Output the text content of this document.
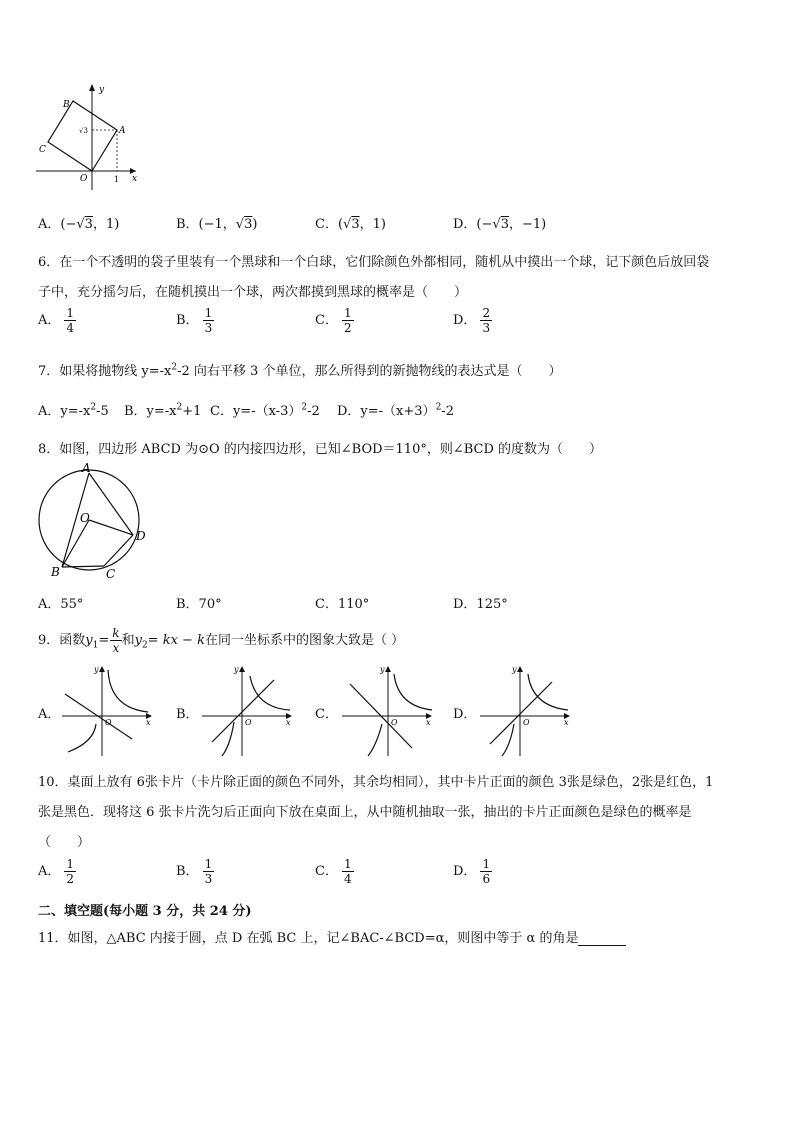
y
x
A
B
C
O	1
√3
A．(−√3，1)	B．(−1，√3)	C．(√3，1)	D．(−√3，−1)
6．在一个不透明的袋子里装有一个黑球和一个白球，它们除颜色外都相同，随机从中摸出一个球，记下颜色后放回袋
子中，充分摇匀后，在随机摸出一个球，两次都摸到黑球的概率是（　　）
A． $\frac{1}{4}$	B． $\frac{1}{3}$	C． $\frac{1}{2}$	D． $\frac{2}{3}$
7．如果将抛物线 $y=-x^2-2$ 向右平移 3 个单位，那么所得到的新抛物线的表达式是（　　）
A．$y=-x^2-5$ B．$y=-x^2+1$ C．$y=-(x-3)^2-2$ D．$y=-(x+3)^2-2$
8．如图，四边形 ABCD 为⊙O 的内接四边形，已知∠BOD＝110°，则∠BCD 的度数为（　　）
A
O
D
B	C
A．55°	B．70°	C．110°	D．125°
9．函数$y_1= \frac{k}{x}$ 和$y_2=$ kx − k在同一坐标系中的图象大致是（ ）
A．	B．	C．	D．
y
x
O
y
x
O
y
x
O
y
x
O
10．桌面上放有 6张卡片（卡片除正面的颜色不同外，其余均相同），其中卡片正面的颜色 3张是绿色，2张是红色，1
张是黑色．现将这 6 张卡片洗匀后正面向下放在桌面上，从中随机抽取一张，抽出的卡片正面颜色是绿色的概率是
（　　）
A． $\frac{1}{2}$	B． $\frac{1}{3}$	C． $\frac{1}{4}$	D． $\frac{1}{6}$
二、填空题(每小题 3 分，共 24 分)
11．如图，△ABC 内接于圆，点 D 在弧 BC 上，记∠BAC-∠BCD=α，则图中等于 α 的角是
